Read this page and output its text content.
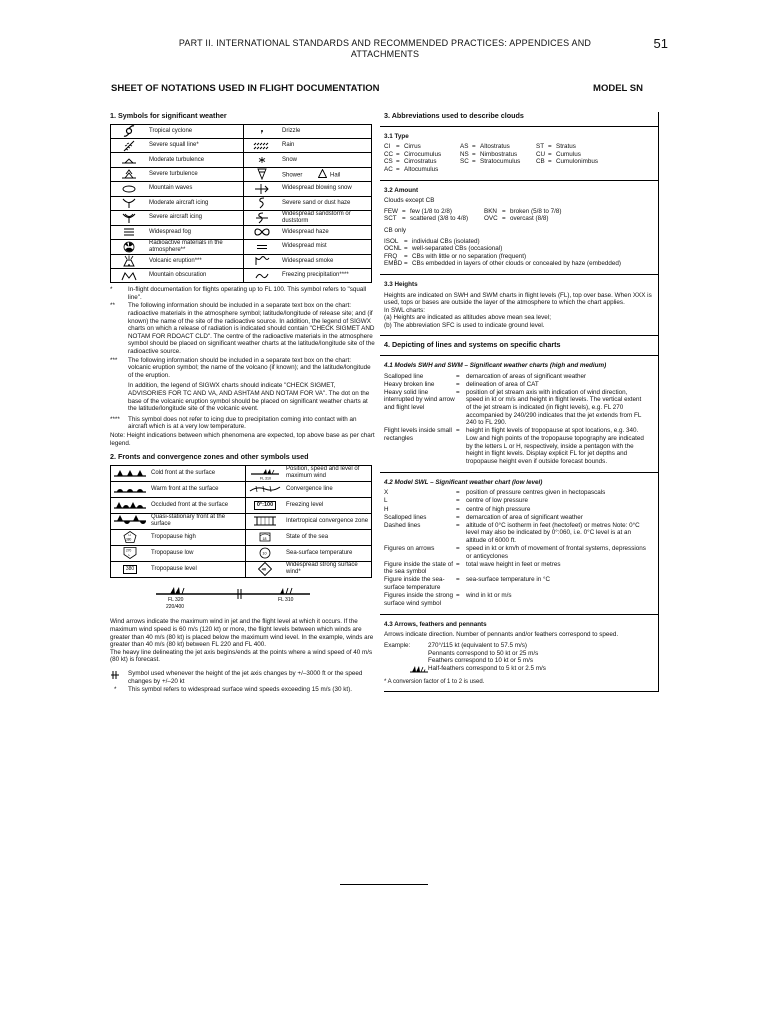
PART II. INTERNATIONAL STANDARDS AND RECOMMENDED PRACTICES: APPENDICES AND
ATTACHMENTS
51
SHEET OF NOTATIONS USED IN FLIGHT DOCUMENTATION	MODEL SN
1. Symbols for significant weather
	Tropical cyclone		Drizzle

	Severe squall line*		Rain

	Moderate turbulence		Snow

	Severe turbulence		Shower Hail

	Mountain waves		Widespread blowing snow

	Moderate aircraft icing		Severe sand or dust haze

	Severe aircraft icing		Widespread sandstorm or duststorm

	Widespread fog		Widespread haze

	Radioactive materials in the atmosphere**		Widespread mist

	Volcanic eruption***		Widespread smoke

	Mountain obscuration		Freezing precipitation****
* In-flight documentation for flights operating up to FL 100. This symbol refers to "squall line".
** The following information should be included in a separate text box on the chart: radioactive materials in the atmosphere symbol; latitude/longitude of release site; and (if known) the name of the site of the radioactive source. In addition, the legend of SIGWX charts on which a release of radiation is indicated should contain "CHECK SIGMET AND NOTAM FOR RDOACT CLD". The centre of the radioactive materials in the atmosphere symbol should be placed on significant weather charts at the latitude/longitude site of the radioactive source.
*** The following information should be included in a separate text box on the chart: volcanic eruption symbol; the name of the volcano (if known); and the latitude/longitude of the eruption.
In addition, the legend of SIGWX charts should indicate "CHECK SIGMET, ADVISORIES FOR TC AND VA, AND ASHTAM AND NOTAM FOR VA". The dot on the base of the volcanic eruption symbol should be placed on significant weather charts at the latitude/longitude site of the volcanic event.
**** This symbol does not refer to icing due to precipitation coming into contact with an aircraft which is at a very low temperature.
Note: Height indications between which phenomena are expected, top above base as per chart legend.
2. Fronts and convergence zones and other symbols used
	Cold front at the surface	FL 310	Position, speed and level of maximum wind

	Warm front at the surface		Convergence line

	Occluded front at the surface	0°:100	Freezing level

	Quasi-stationary front at the surface		Intertropical convergence zone

H
380	Tropopause high	18	State of the sea

270
L	Tropopause low	10	Sea-surface temperature
380	Tropopause level	40	Widespread strong surface wind*
FL 320
220/400
FL 310
Wind arrows indicate the maximum wind in jet and the flight level at which it occurs. If the maximum wind speed is 60 m/s (120 kt) or more, the flight levels between which winds are greater than 40 m/s (80 kt) is placed below the maximum wind level. In the example, winds are greater than 40 m/s (80 kt) between FL 220 and FL 400.
The heavy line delineating the jet axis begins/ends at the points where a wind speed of 40 m/s (80 kt) is forecast.
Symbol used whenever the height of the jet axis changes by +/–3000 ft or the speed changes by +/–20 kt
* This symbol refers to widespread surface wind speeds exceeding 15 m/s (30 kt).
3. Abbreviations used to describe clouds
3.1 Type
CI = Cirrus	AS = Altostratus	ST = Stratus
CC = Cirrocumulus	NS = Nimbostratus	CU = Cumulus
CS = Cirrostratus	SC = Stratocumulus	CB = Cumulonimbus
AC = Altocumulus
3.2 Amount
Clouds except CB
FEW = few (1/8 to 2/8)	BKN = broken (5/8 to 7/8)
SCT = scattered (3/8 to 4/8)	OVC = overcast (8/8)
CB only
ISOL = individual CBs (isolated)
OCNL = well-separated CBs (occasional)
FRQ	= CBs with little or no separation (frequent)
EMBD = CBs embedded in layers of other clouds or concealed by haze (embedded)
3.3 Heights
Heights are indicated on SWH and SWM charts in flight levels (FL), top over base. When XXX is used, tops or bases are outside the layer of the atmosphere to which the chart applies.
In SWL charts:
(a) Heights are indicated as altitudes above mean sea level;
(b) The abbreviation SFC is used to indicate ground level.
4. Depicting of lines and systems on specific charts
4.1 Models SWH and SWM – Significant weather charts (high and medium)
Scalloped line	=	demarcation of areas of significant weather
Heavy broken line	=	delineation of area of CAT
Heavy solid line interrupted by wind arrow and flight level
=	position of jet stream axis with indication of wind direction, speed in kt or m/s and height in flight levels. The vertical extent of the jet stream is indicated (in flight levels), e.g. FL 270 accompanied by 240/290 indicates that the jet extends from FL 240 to FL 290.
Flight levels inside small rectangles
=	height in flight levels of tropopause at spot locations, e.g. 340. Low and high points of the tropopause topography are indicated by the letters L or H, respectively, inside a pentagon with the height in flight levels. Display explicit FL for jet depths and tropopause height even if outside forecast bounds.
4.2 Model SWL – Significant weather chart (low level)
X	=	position of pressure centres given in hectopascals
L	=	centre of low pressure
H	=	centre of high pressure
Scalloped lines	=	demarcation of area of significant weather
Dashed lines	=	altitude of 0°C isotherm in feet (hectofeet) or metres Note: 0°C level may also be indicated by 0°:060, i.e. 0°C level is at an altitude of 6000 ft.
Figures on arrows	=	speed in kt or km/h of movement of frontal systems, depressions or anticyclones
Figure inside the state of the sea symbol
=	total wave height in feet or metres
Figure inside the sea-surface temperature
=	sea-surface temperature in °C
Figures inside the strong surface wind symbol
=	wind in kt or m/s
4.3 Arrows, feathers and pennants
Arrows indicate direction. Number of pennants and/or feathers correspond to speed.
Example:	270°/115 kt (equivalent to 57.5 m/s)
Pennants correspond to 50 kt or 25 m/s
Feathers correspond to 10 kt or 5 m/s
Half-feathers correspond to 5 kt or 2.5 m/s
* A conversion factor of 1 to 2 is used.
